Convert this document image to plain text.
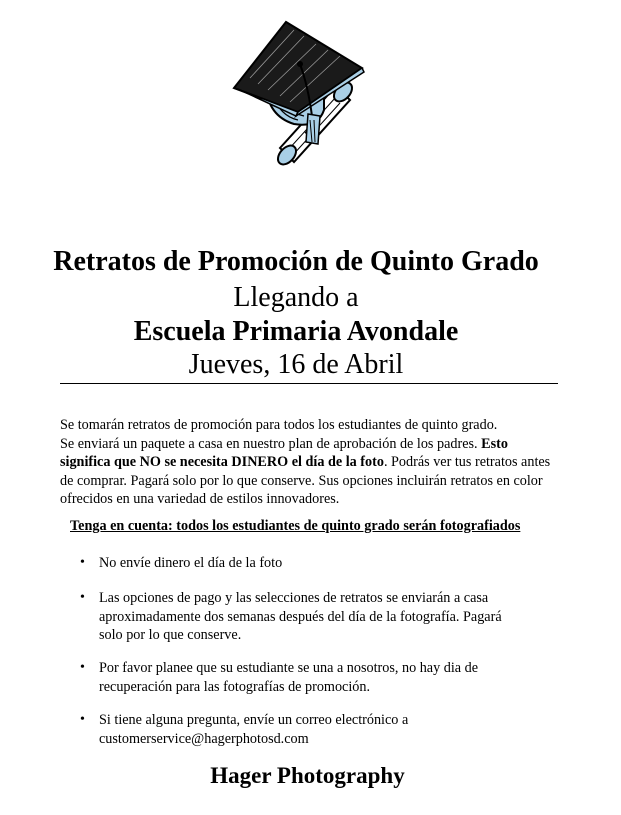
Retratos de Promoción de Quinto Grado
Llegando a
Escuela Primaria Avondale
Jueves, 16 de Abril

Se tomarán retratos de promoción para todos los estudiantes de quinto grado.
Se enviará un paquete a casa en nuestro plan de aprobación de los padres. Esto significa que NO se necesita DINERO el día de la foto. Podrás ver tus retratos antes de comprar. Pagará solo por lo que conserve. Sus opciones incluirán retratos en color ofrecidos en una variedad de estilos innovadores.

Tenga en cuenta: todos los estudiantes de quinto grado serán fotografiados

• No envíe dinero el día de la foto
• Las opciones de pago y las selecciones de retratos se enviarán a casa aproximadamente dos semanas después del día de la fotografía. Pagará solo por lo que conserve.
• Por favor planee que su estudiante se una a nosotros, no hay dia de recuperación para las fotografías de promoción.
• Si tiene alguna pregunta, envíe un correo electrónico a customerservice@hagerphotosd.com
Hager Photography
